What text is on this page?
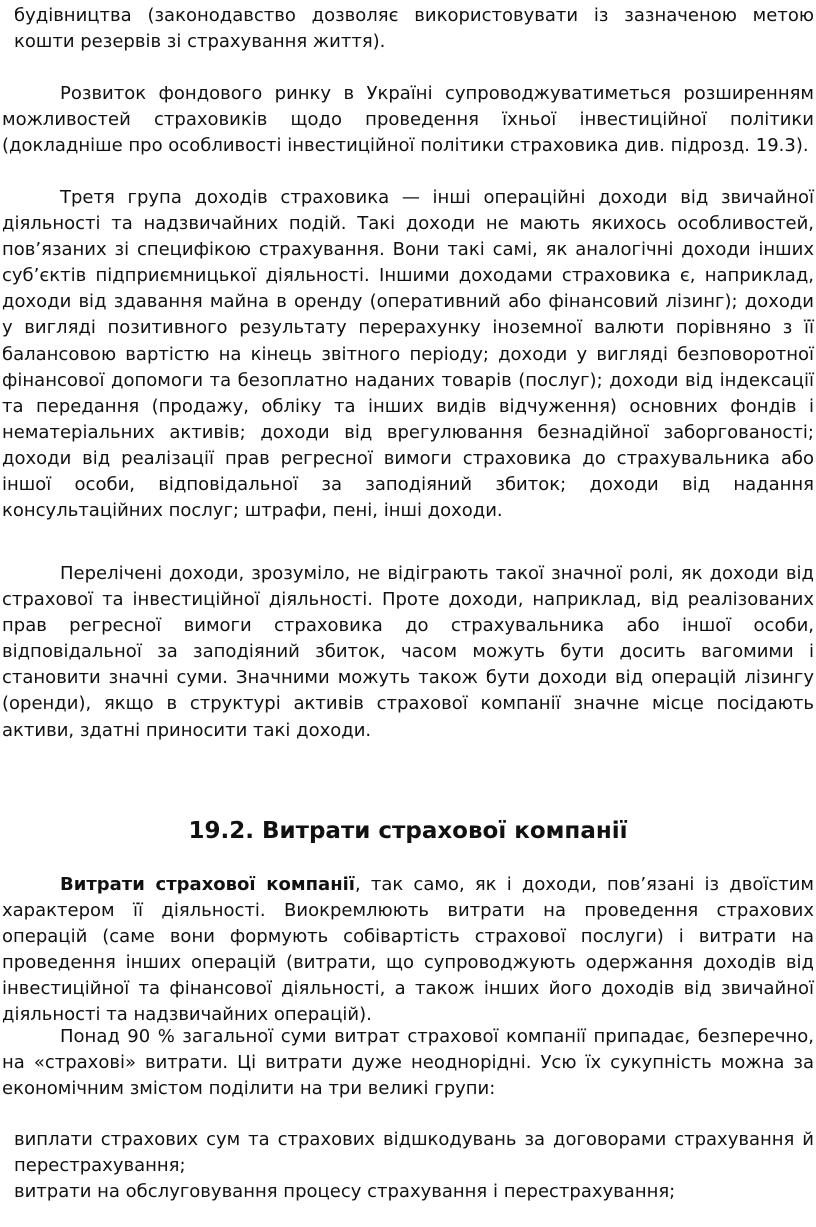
будівництва (законодавство дозволяє використовувати із зазначеною метою кошти резервів зі страхування життя).
Розвиток фондового ринку в Україні супроводжуватиметься розширенням можливостей страховиків щодо проведення їхньої інвестиційної політики (докладніше про особливості інвестиційної політики страховика див. підрозд. 19.3).
Третя група доходів страховика — інші операційні доходи від звичайної діяльності та надзвичайних подій. Такі доходи не мають якихось особливостей, пов’язаних зі специфікою страхування. Вони такі самі, як аналогічні доходи інших суб’єктів підприємницької діяльності. Іншими доходами страховика є, наприклад, доходи від здавання майна в оренду (оперативний або фінансовий лізинг); доходи у вигляді позитивного результату перерахунку іноземної валюти порівняно з її балансовою вартістю на кінець звітного періоду; доходи у вигляді безповоротної фінансової допомоги та безоплатно наданих товарів (послуг); доходи від індексації та передання (продажу, обліку та інших видів відчуження) основних фондів і нематеріальних активів; доходи від врегулювання безнадійної заборгованості; доходи від реалізації прав регресної вимоги страховика до страхувальника або іншої особи, відповідальної за заподіяний збиток; доходи від надання консультаційних послуг; штрафи, пені, інші доходи.
Перелічені доходи, зрозуміло, не відіграють такої значної ролі, як доходи від страхової та інвестиційної діяльності. Проте доходи, наприклад, від реалізованих прав регресної вимоги страховика до страхувальника або іншої особи, відповідальної за заподіяний збиток, часом можуть бути досить вагомими і становити значні суми. Значними можуть також бути доходи від операцій лізингу (оренди), якщо в структурі активів страхової компанії значне місце посідають активи, здатні приносити такі доходи.
19.2. Витрати страхової компанії
Витрати страхової компанії, так само, як і доходи, пов’язані із двоїстим характером її діяльності. Виокремлюють витрати на проведення страхових операцій (саме вони формують собівартість страхової послуги) і витрати на проведення інших операцій (витрати, що супроводжують одержання доходів від інвестиційної та фінансової діяльності, а також інших його доходів від звичайної діяльності та надзвичайних операцій).
Понад 90 % загальної суми витрат страхової компанії припадає, безперечно, на «страхові» витрати. Ці витрати дуже неоднорідні. Усю їх сукупність можна за економічним змістом поділити на три великі групи:
виплати страхових сум та страхових відшкодувань за договорами страхування й перестрахування;
витрати на обслуговування процесу страхування і перестрахування;
